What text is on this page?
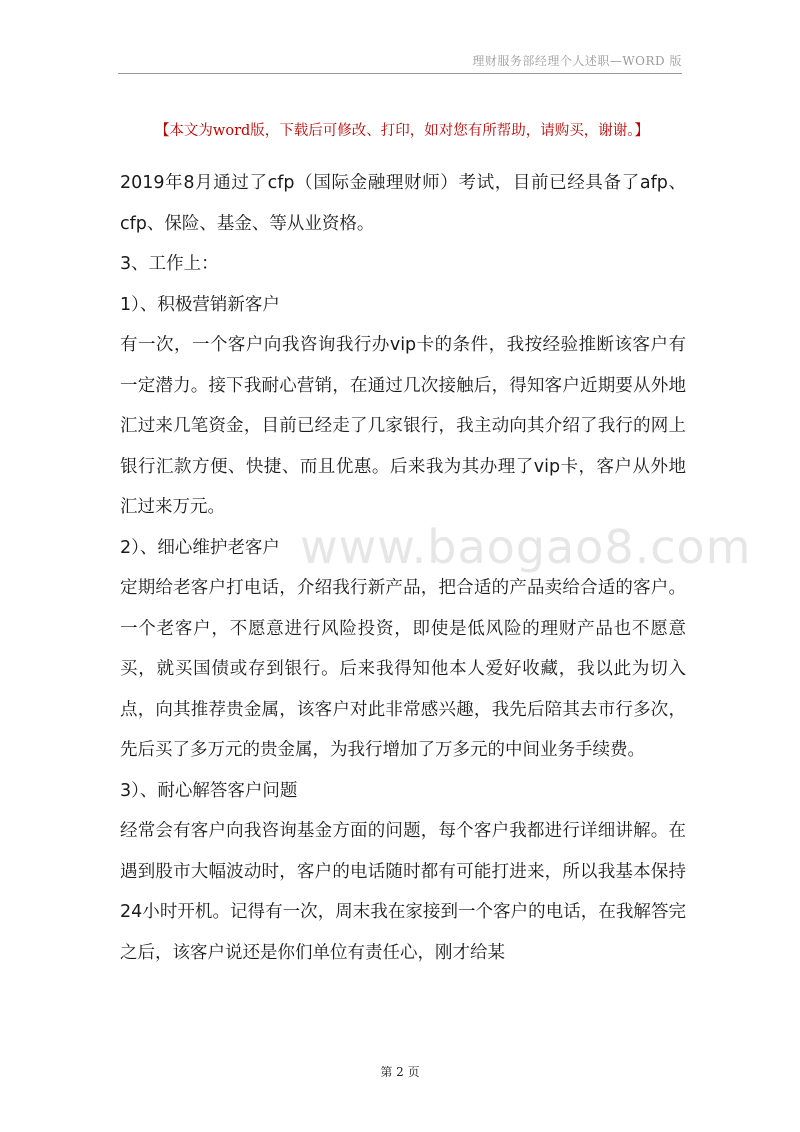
理财服务部经理个人述职—WORD 版
【本文为word版，下载后可修改、打印，如对您有所帮助，请购买，谢谢。】
www.baogao8.com

2019年8月通过了cfp（国际金融理财师）考试，目前已经具备了afp、cfp、保险、基金、等从业资格。

3、工作上：

1）、积极营销新客户

有一次，一个客户向我咨询我行办vip卡的条件，我按经验推断该客户有一定潜力。接下我耐心营销，在通过几次接触后，得知客户近期要从外地汇过来几笔资金，目前已经走了几家银行，我主动向其介绍了我行的网上银行汇款方便、快捷、而且优惠。后来我为其办理了vip卡，客户从外地汇过来万元。

2）、细心维护老客户

定期给老客户打电话，介绍我行新产品，把合适的产品卖给合适的客户。一个老客户，不愿意进行风险投资，即使是低风险的理财产品也不愿意买，就买国债或存到银行。后来我得知他本人爱好收藏，我以此为切入点，向其推荐贵金属，该客户对此非常感兴趣，我先后陪其去市行多次，先后买了多万元的贵金属，为我行增加了万多元的中间业务手续费。

3）、耐心解答客户问题

经常会有客户向我咨询基金方面的问题，每个客户我都进行详细讲解。在遇到股市大幅波动时，客户的电话随时都有可能打进来，所以我基本保持24小时开机。记得有一次，周末我在家接到一个客户的电话，在我解答完之后，该客户说还是你们单位有责任心，刚才给某

第 2 页
